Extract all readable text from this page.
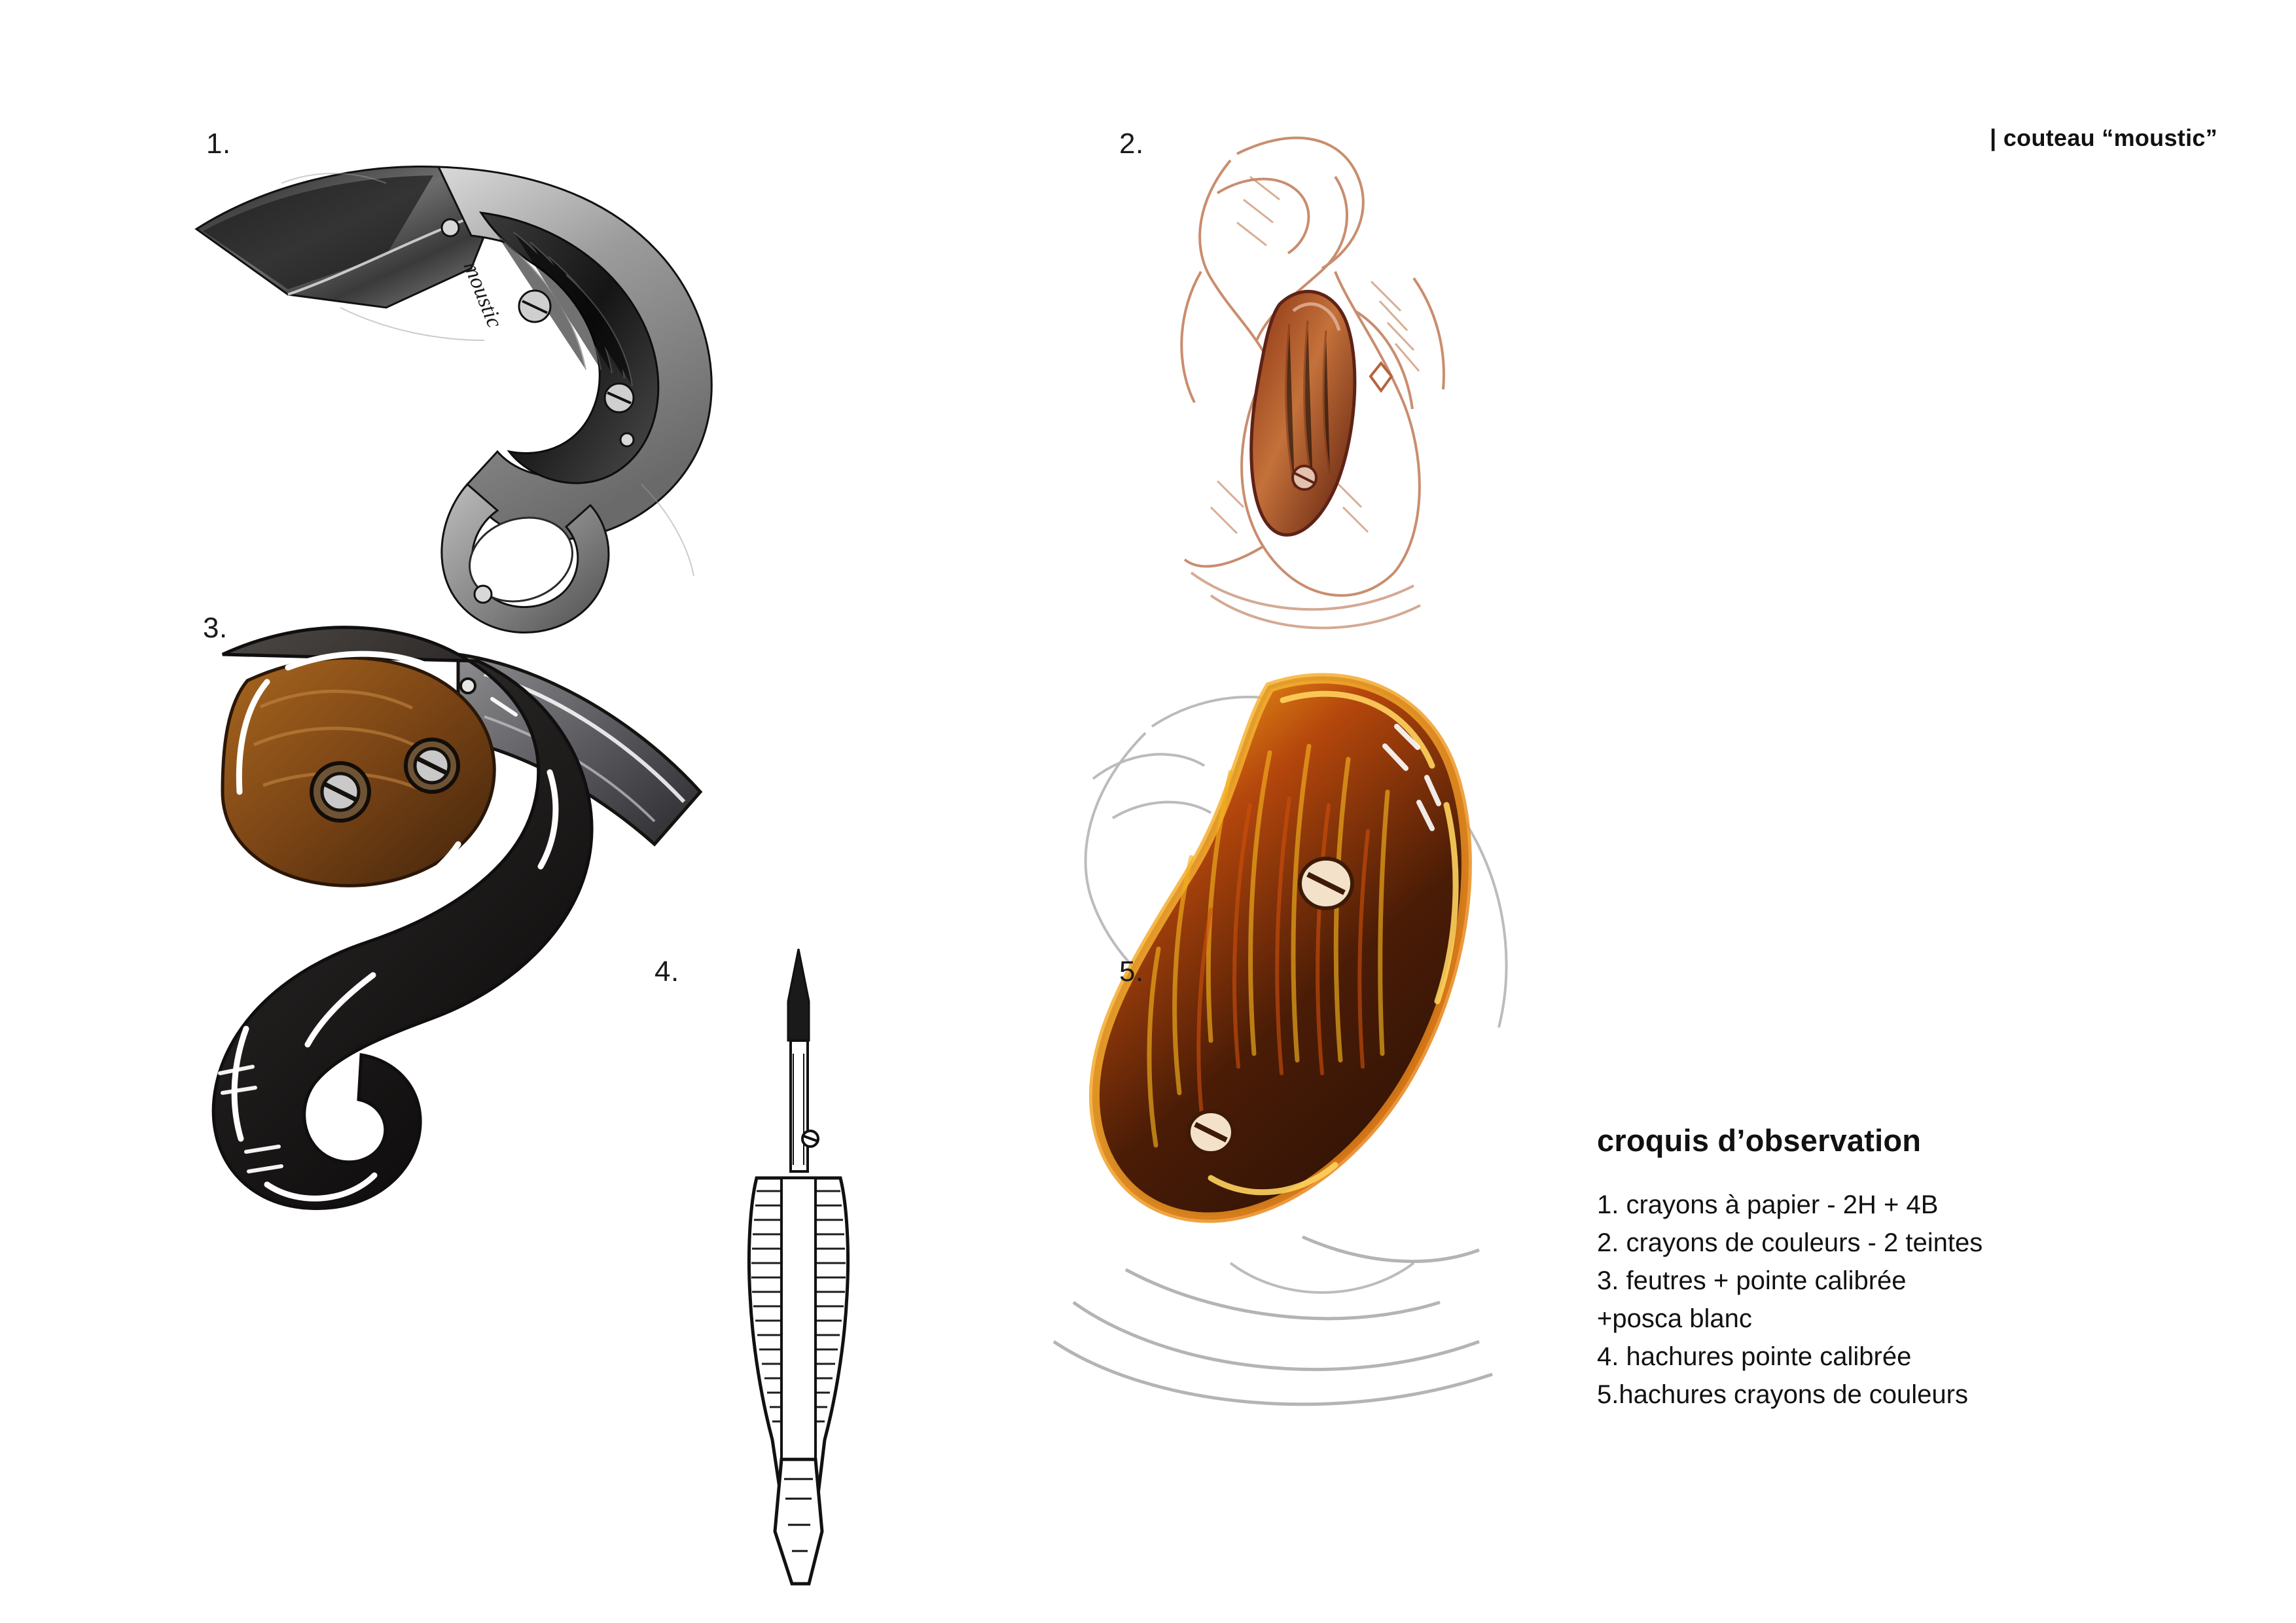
| couteau “moustic”
moustic
1.	2.
3.
4.	5.
croquis d’observation
1. crayons à papier - 2H + 4B
2. crayons de couleurs - 2 teintes
3. feutres + pointe calibrée
+posca blanc
4. hachures pointe calibrée
5.hachures crayons de couleurs
